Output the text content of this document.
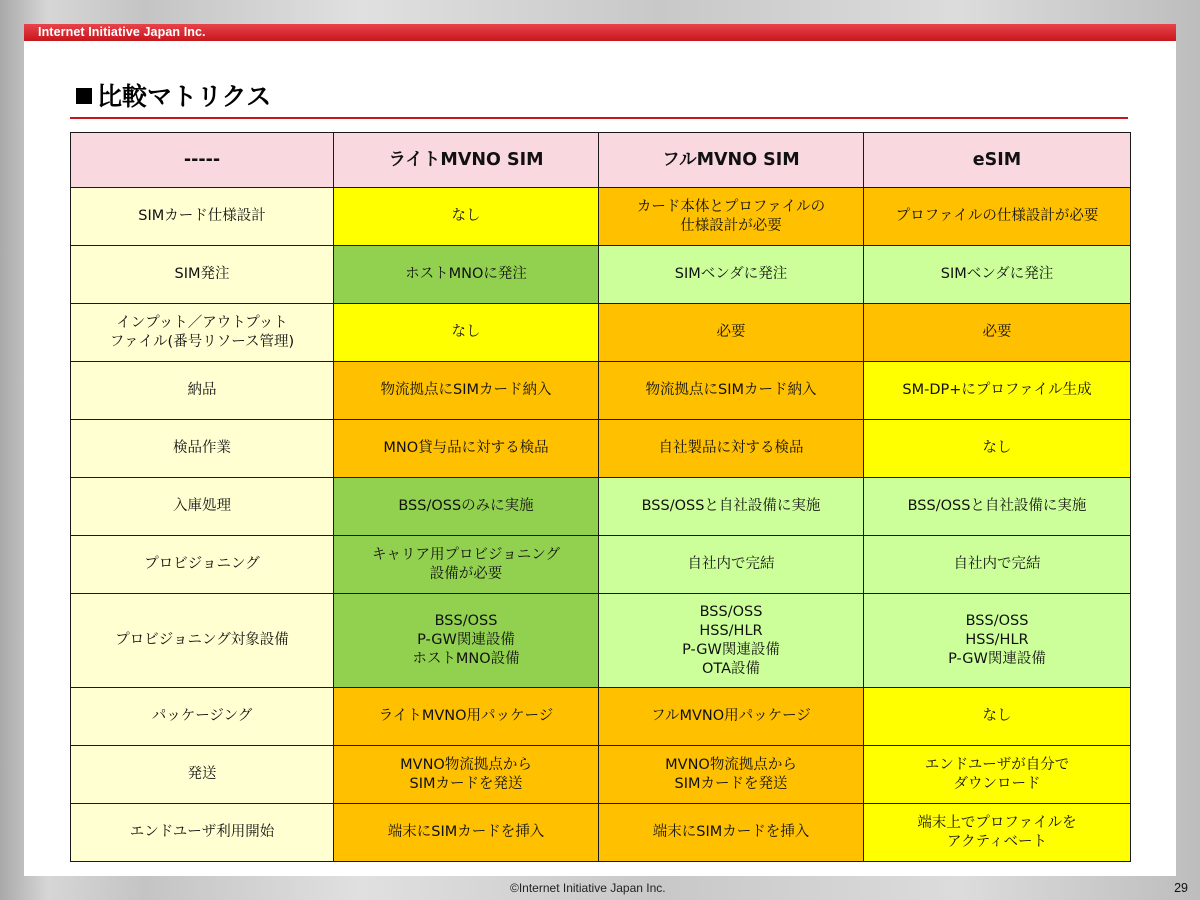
Internet Initiative Japan Inc.
比較マトリクス
-----	ライトMVNO SIM	フルMVNO SIM	eSIM

SIMカード仕様設計	なし	カード本体とプロファイルの
仕様設計が必要	プロファイルの仕様設計が必要

SIM発注	ホストMNOに発注	SIMベンダに発注	SIMベンダに発注

インプット／アウトプット
ファイル(番号リソース管理)	なし	必要	必要

納品	物流拠点にSIMカード納入	物流拠点にSIMカード納入	SM-DP+にプロファイル生成

検品作業	MNO貸与品に対する検品	自社製品に対する検品	なし

入庫処理	BSS/OSSのみに実施	BSS/OSSと自社設備に実施	BSS/OSSと自社設備に実施

プロビジョニング	キャリア用プロビジョニング
設備が必要	自社内で完結	自社内で完結

プロビジョニング対象設備	BSS/OSS
P-GW関連設備
ホストMNO設備	BSS/OSS
HSS/HLR
P-GW関連設備
OTA設備	BSS/OSS
HSS/HLR
P-GW関連設備

パッケージング	ライトMVNO用パッケージ	フルMVNO用パッケージ	なし

発送	MVNO物流拠点から
SIMカードを発送	MVNO物流拠点から
SIMカードを発送	エンドユーザが自分で
ダウンロード

エンドユーザ利用開始	端末にSIMカードを挿入	端末にSIMカードを挿入	端末上でプロファイルを
アクティベート
©Internet Initiative Japan Inc.	29
